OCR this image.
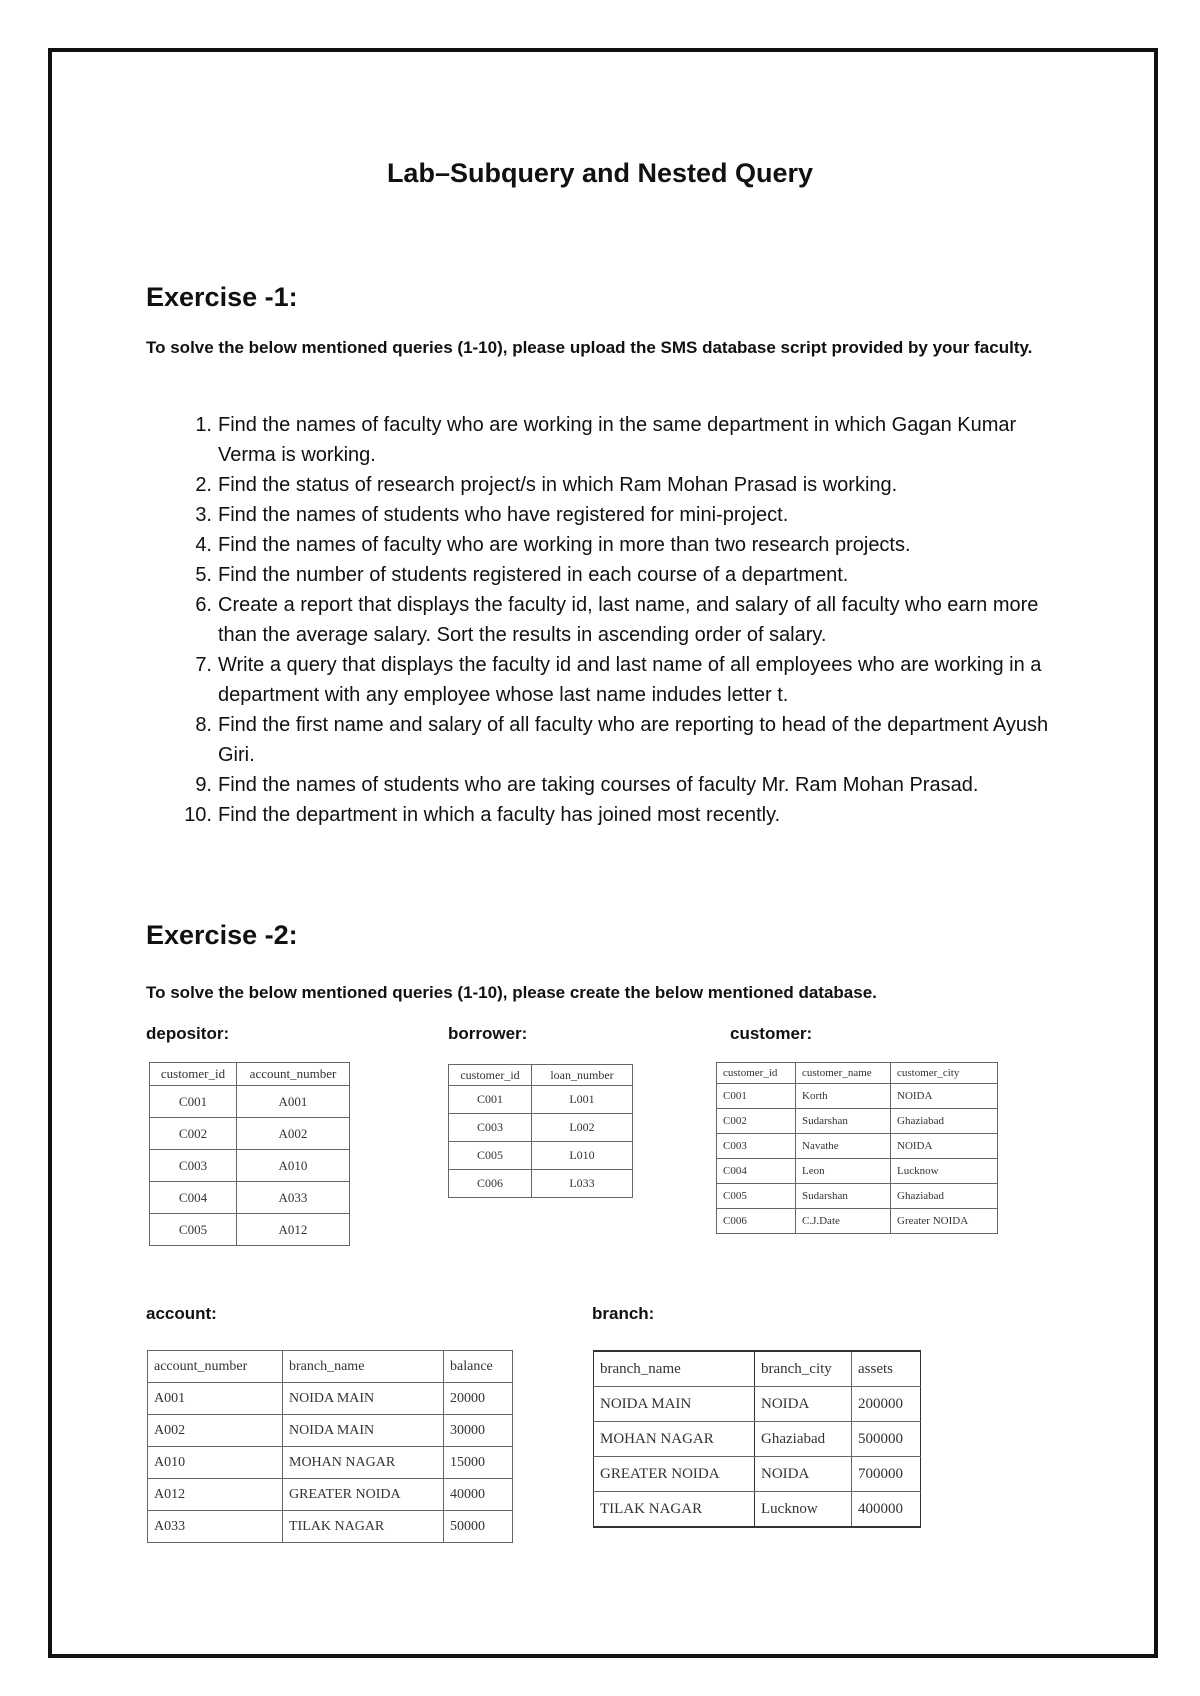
Lab–Subquery and Nested Query
Exercise -1:
To solve the below mentioned queries (1-10), please upload the SMS database script provided by your faculty.
1. Find the names of faculty who are working in the same department in which Gagan Kumar Verma is working.
2. Find the status of research project/s in which Ram Mohan Prasad is working.
3. Find the names of students who have registered for mini-project.
4. Find the names of faculty who are working in more than two research projects.
5. Find the number of students registered in each course of a department.
6. Create a report that displays the faculty id, last name, and salary of all faculty who earn more than the average salary. Sort the results in ascending order of salary.
7. Write a query that displays the faculty id and last name of all employees who are working in a department with any employee whose last name indudes letter t.
8. Find the first name and salary of all faculty who are reporting to head of the department Ayush Giri.
9. Find the names of students who are taking courses of faculty Mr. Ram Mohan Prasad.
10. Find the department in which a faculty has joined most recently.
Exercise -2:
To solve the below mentioned queries (1-10), please create the below mentioned database.
depositor:	borrower:	customer:
customer_id	account_number
C001	A001
C002	A002
C003	A010
C004	A033
C005	A012
customer_id	loan_number
C001	L001
C003	L002
C005	L010
C006	L033
customer_id	customer_name	customer_city
C001	Korth	NOIDA
C002	Sudarshan	Ghaziabad
C003	Navathe	NOIDA
C004	Leon	Lucknow
C005	Sudarshan	Ghaziabad
C006	C.J.Date	Greater NOIDA
account:	branch:
account_number	branch_name	balance
A001	NOIDA MAIN	20000
A002	NOIDA MAIN	30000
A010	MOHAN NAGAR	15000
A012	GREATER NOIDA	40000
A033	TILAK NAGAR	50000
branch_name	branch_city	assets
NOIDA MAIN	NOIDA	200000
MOHAN NAGAR	Ghaziabad	500000
GREATER NOIDA	NOIDA	700000
TILAK NAGAR	Lucknow	400000
